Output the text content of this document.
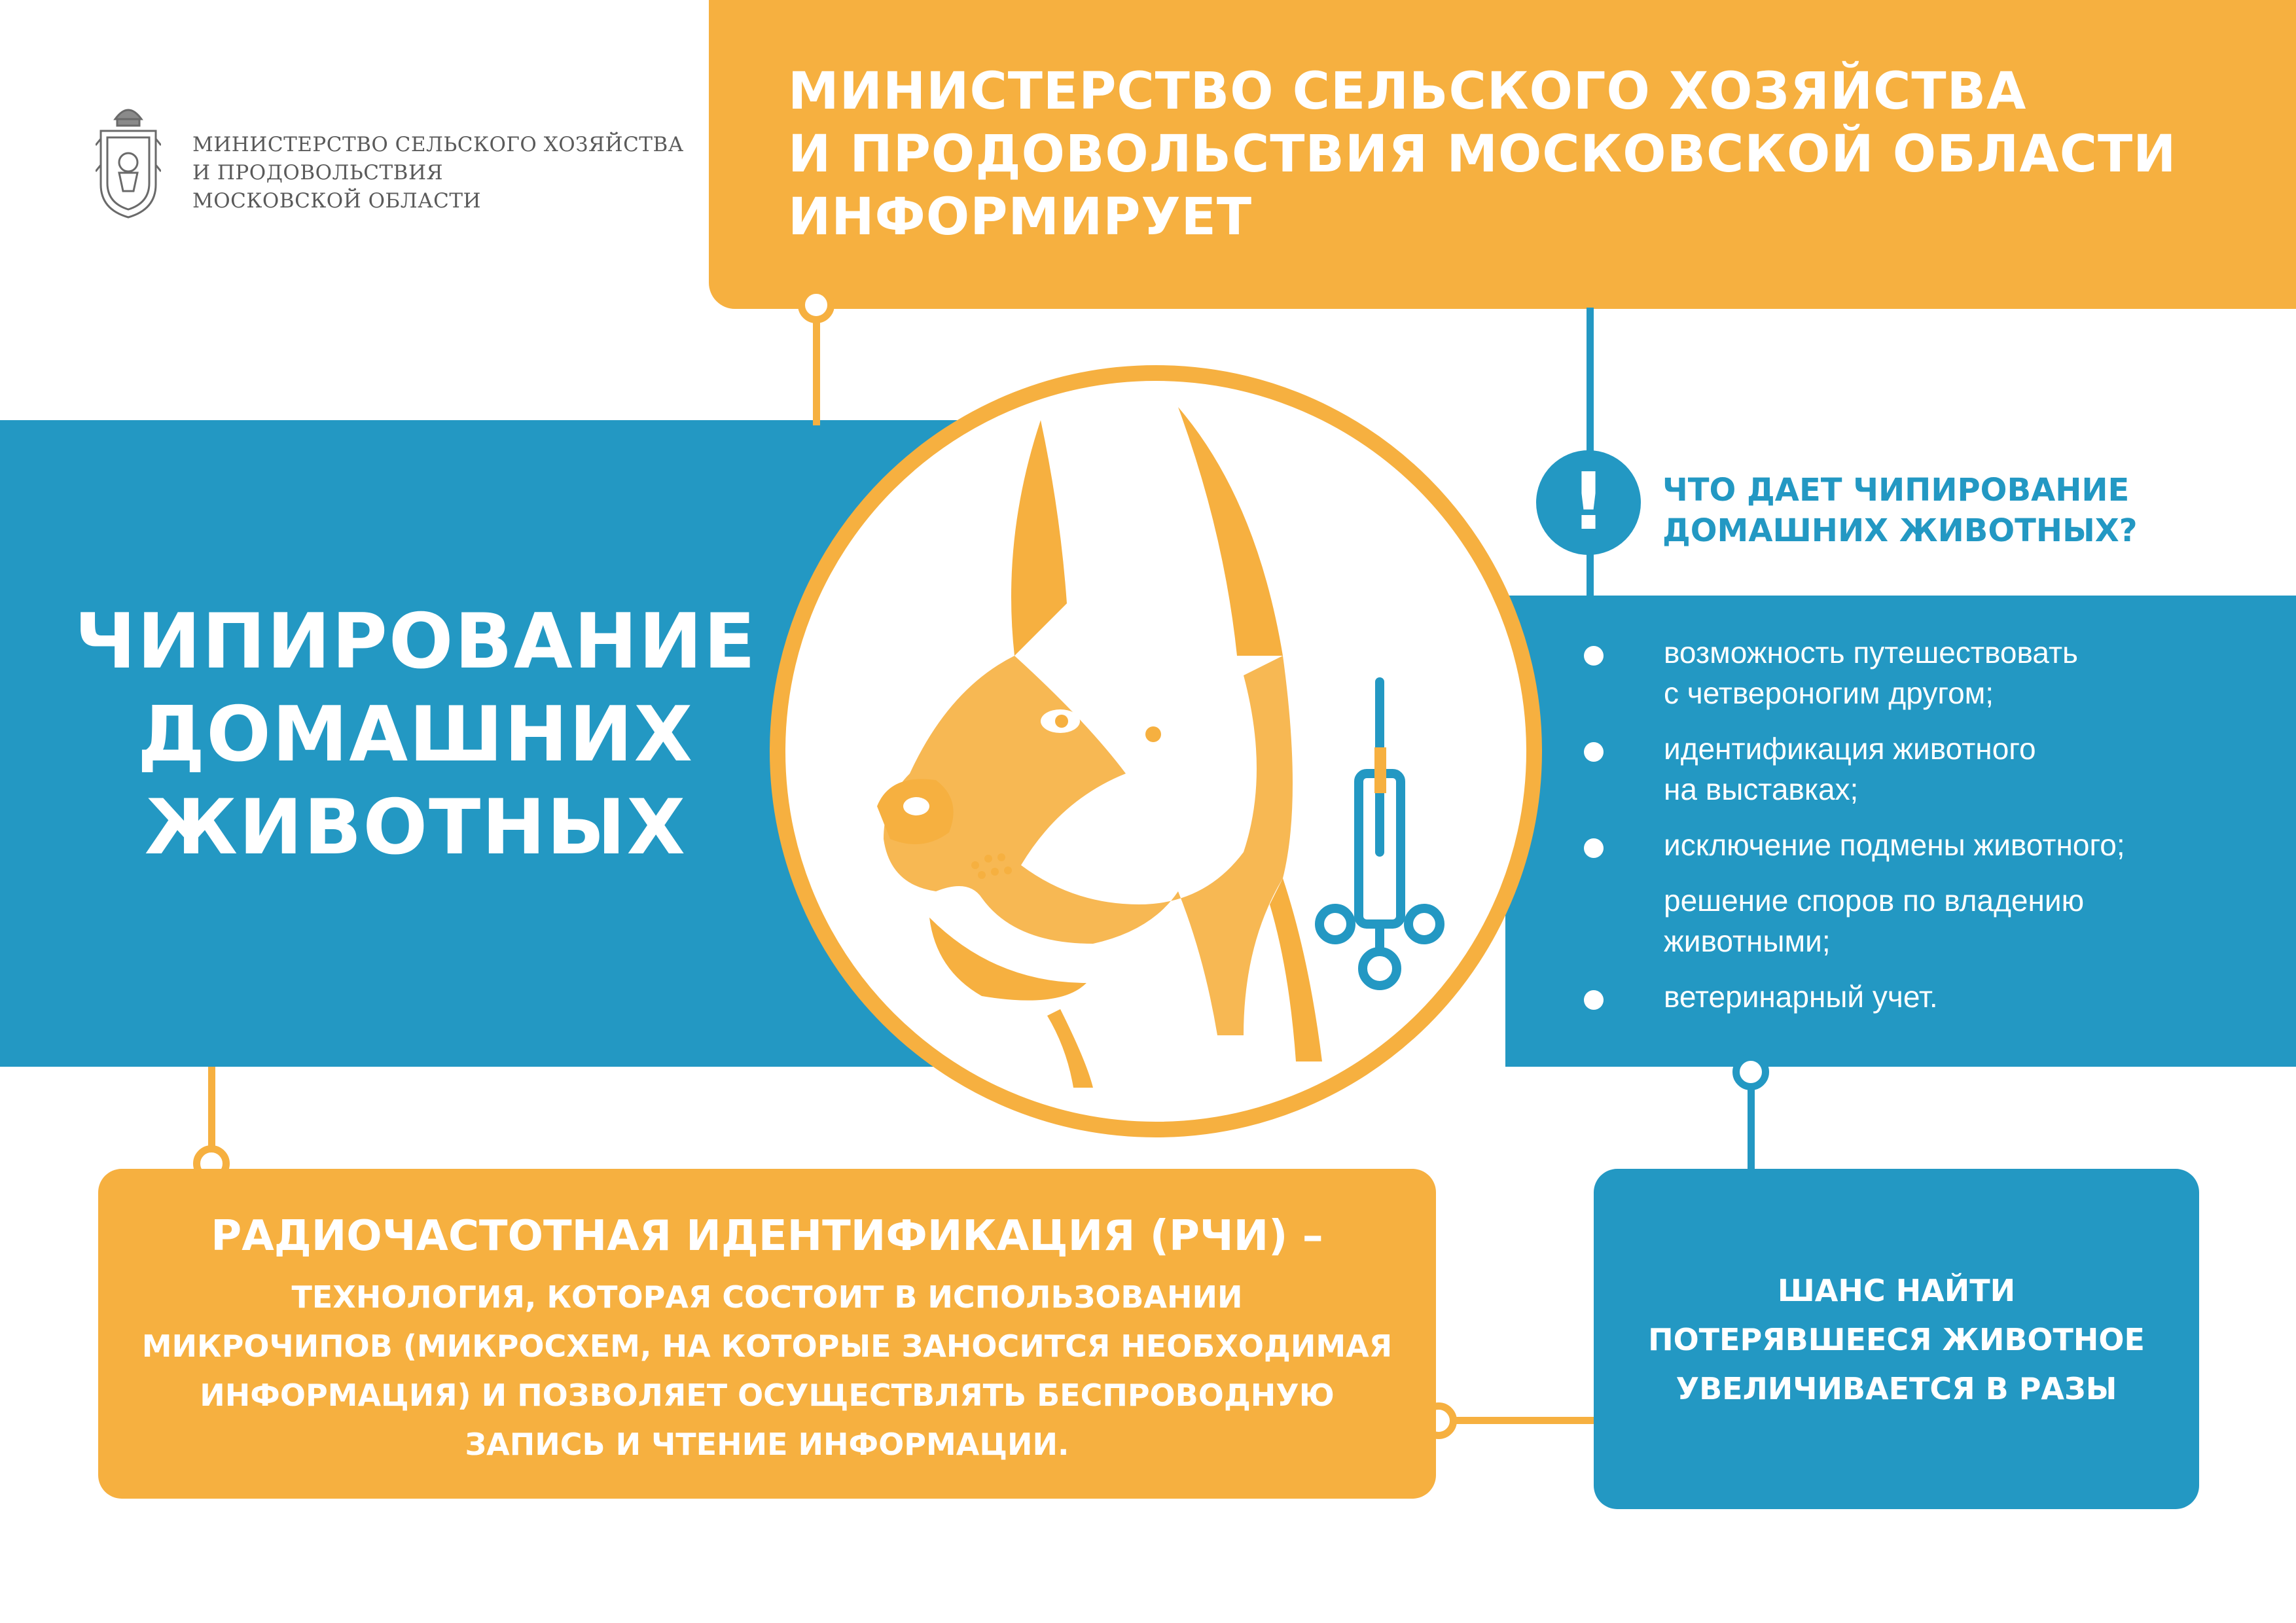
МИНИСТЕРСТВО СЕЛЬСКОГО ХОЗЯЙСТВА
И ПРОДОВОЛЬСТВИЯ
МОСКОВСКОЙ ОБЛАСТИ
МИНИСТЕРСТВО СЕЛЬСКОГО ХОЗЯЙСТВА
И ПРОДОВОЛЬСТВИЯ МОСКОВСКОЙ ОБЛАСТИ
ИНФОРМИРУЕТ
ЧИПИРОВАНИЕ
ДОМАШНИХ
ЖИВОТНЫХ
!	ЧТО ДАЕТ ЧИПИРОВАНИЕ
ДОМАШНИХ ЖИВОТНЫХ?
возможность путешествовать
с четвероногим другом;
идентификация животного
на выставках;
исключение подмены животного;
решение споров по владению
животными;
ветеринарный учет.
РАДИОЧАСТОТНАЯ ИДЕНТИФИКАЦИЯ (РЧИ) –
ТЕХНОЛОГИЯ, КОТОРАЯ СОСТОИТ В ИСПОЛЬЗОВАНИИ
МИКРОЧИПОВ (МИКРОСХЕМ, НА КОТОРЫЕ ЗАНОСИТСЯ НЕОБХОДИМАЯ
ИНФОРМАЦИЯ) И ПОЗВОЛЯЕТ ОСУЩЕСТВЛЯТЬ БЕСПРОВОДНУЮ
ЗАПИСЬ И ЧТЕНИЕ ИНФОРМАЦИИ.
ШАНС НАЙТИ
ПОТЕРЯВШЕЕСЯ ЖИВОТНОЕ
УВЕЛИЧИВАЕТСЯ В РАЗЫ
